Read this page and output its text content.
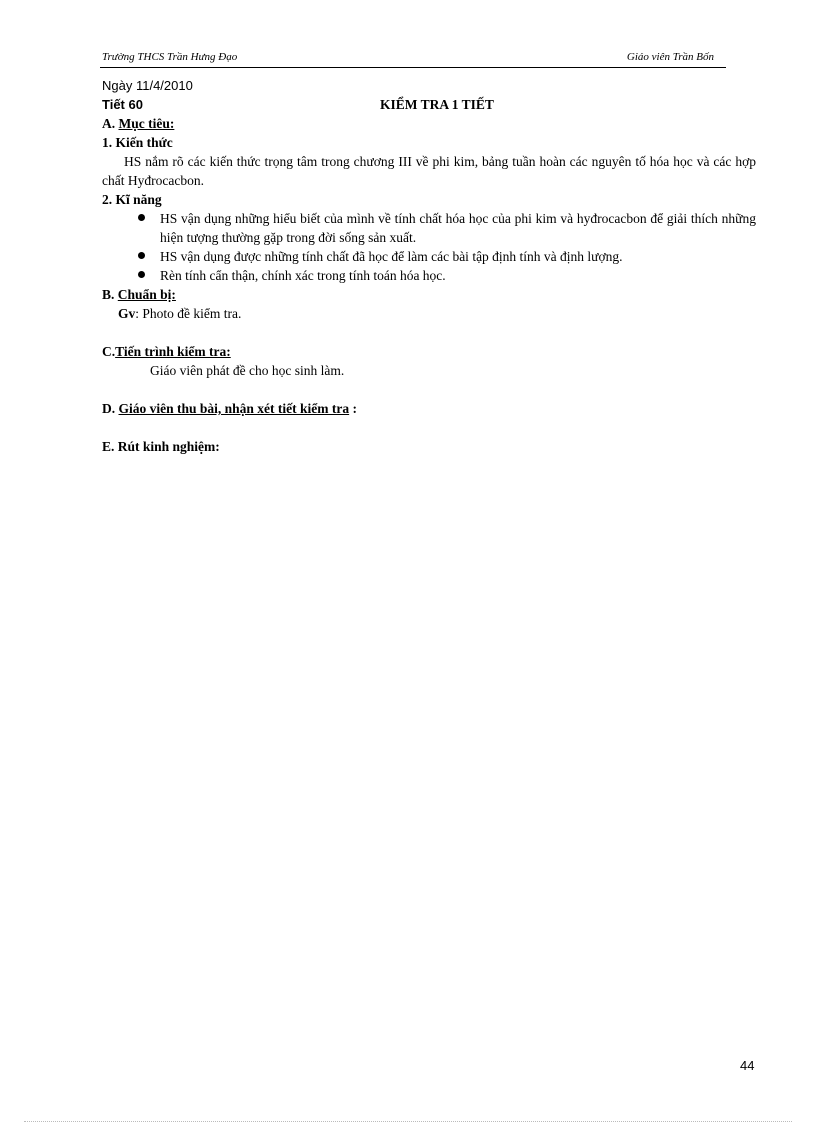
Trường THCS Trần Hưng Đạo	Giáo viên Trần Bốn
Ngày 11/4/2010
Tiết 60	KIỂM TRA 1 TIẾT
A. Mục tiêu:
1. Kiến thức
HS nắm rõ các kiến thức trọng tâm trong chương III về phi kim, bảng tuần hoàn các nguyên tố hóa học và các hợp chất Hyđrocacbon.
2. Kĩ năng
HS vận dụng những hiểu biết của mình về tính chất hóa học của phi kim và hyđrocacbon để giải thích những hiện tượng thường gặp trong đời sống sản xuất.
HS vận dụng được những tính chất đã học để làm các bài tập định tính và định lượng.
Rèn tính cẩn thận, chính xác trong tính toán hóa học.
B. Chuẩn bị:
Gv: Photo đề kiểm tra.
C.Tiến trình kiểm tra:
Giáo viên phát đề cho học sinh làm.
D. Giáo viên thu bài, nhận xét tiết kiểm tra :
E. Rút kinh nghiệm:
44
